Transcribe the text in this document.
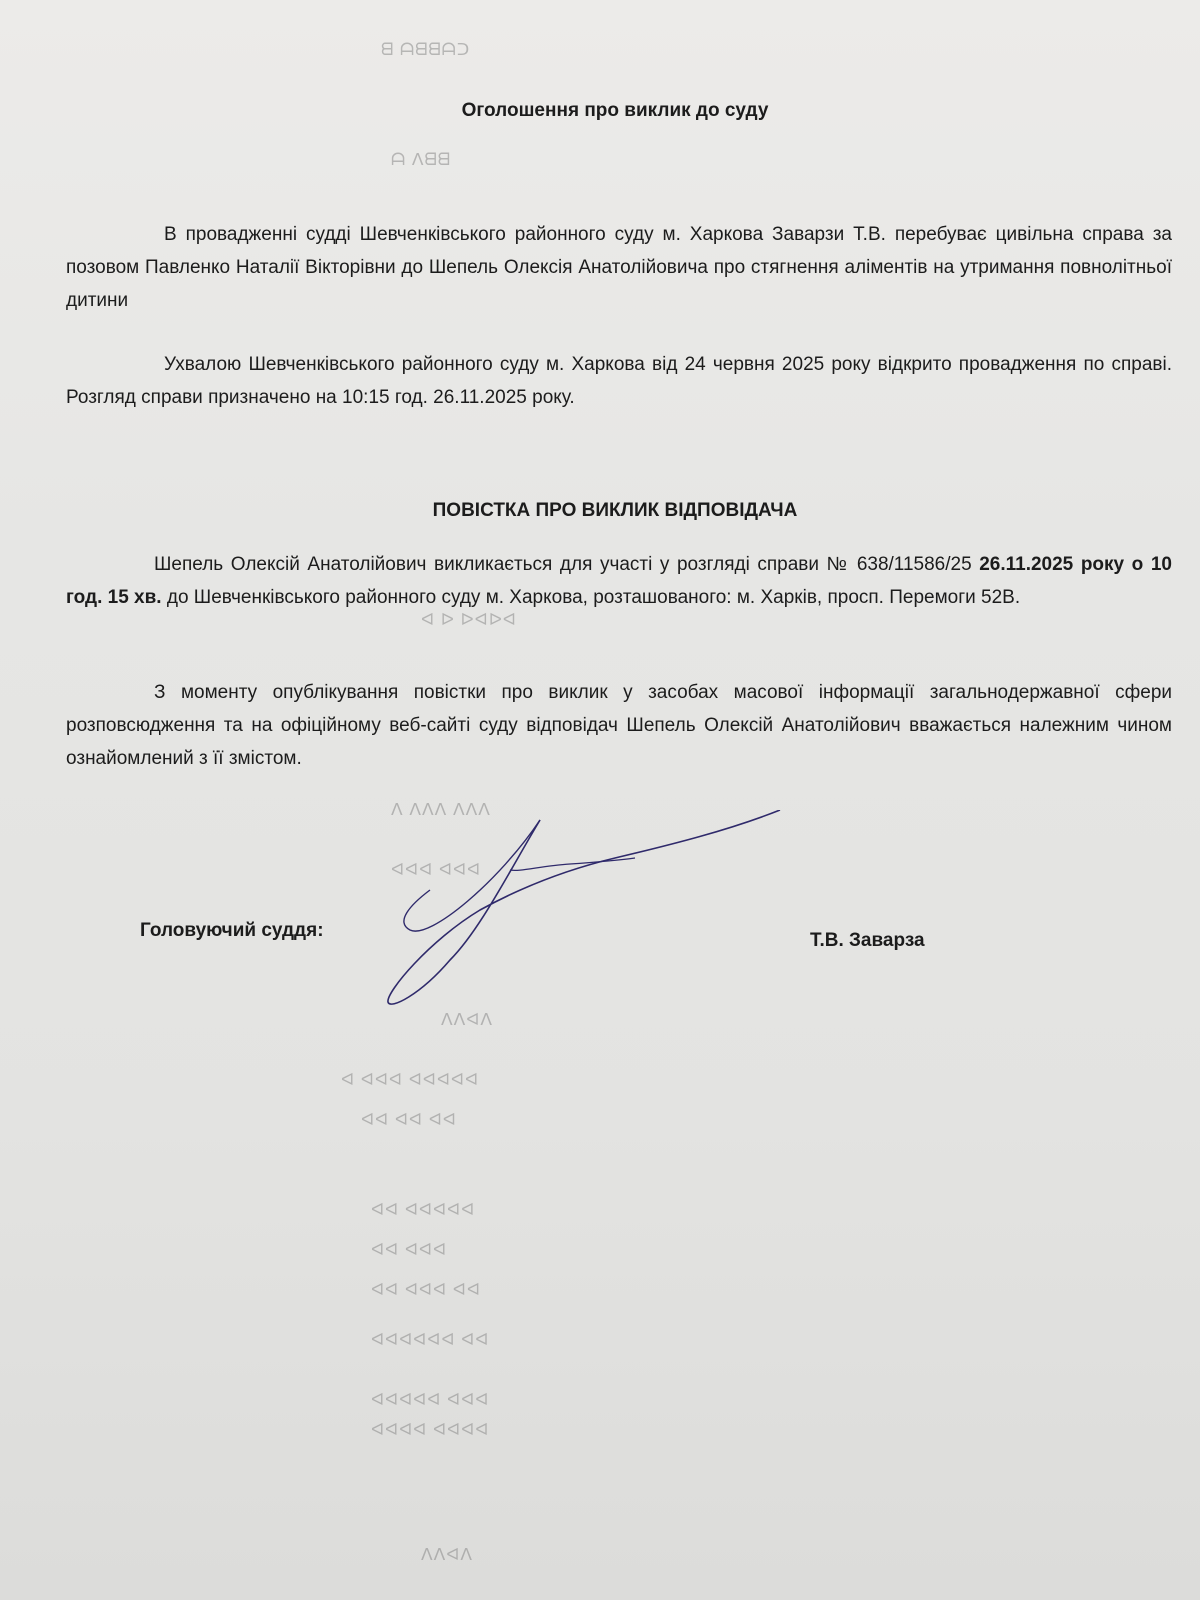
ᑕᗩᗷᗷᗩ ᗷ
ᗷᗷᐱ ᗩ
ᐅᐊᐅᐊ ᐊ ᐅ
ᐱᐱᐱ ᐱᐱᐱ ᐱ
ᐅᐅᐅ ᐅᐅᐅ
ᐱᐅᐱᐱ
ᐅᐅᐅᐅᐅ ᐅᐅᐅ ᐅ
ᐅᐅ ᐅᐅ ᐅᐅ
ᐅᐅᐅᐅᐅ ᐅᐅ
ᐅᐅᐅ ᐅᐅ
ᐅᐅ ᐅᐅᐅ ᐅᐅ
ᐅᐅ ᐅᐅᐅᐅᐅᐅ
ᐅᐅᐅ ᐅᐅᐅᐅᐅ
ᐅᐅᐅᐅ ᐅᐅᐅᐅ
ᐱᐅᐱᐱ
Оголошення про виклик до суду

В провадженні судді Шевченківського районного суду м. Харкова Заварзи Т.В. перебуває цивільна справа за позовом Павленко Наталії Вікторівни до Шепель Олексія Анатолійовича про стягнення аліментів на утримання повнолітньої дитини

Ухвалою Шевченківського районного суду м. Харкова від 24 червня 2025 року відкрито провадження по справі. Розгляд справи призначено на 10:15 год. 26.11.2025 року.

ПОВІСТКА ПРО ВИКЛИК ВІДПОВІДАЧА

Шепель Олексій Анатолійович викликається для участі у розгляді справи № 638/11586/25 26.11.2025 року о 10 год. 15 хв. до Шевченківського районного суду м. Харкова, розташованого: м. Харків, просп. Перемоги 52В.

З моменту опублікування повістки про виклик у засобах масової інформації загальнодержавної сфери розповсюдження та на офіційному веб-сайті суду відповідач Шепель Олексій Анатолійович вважається належним чином ознайомлений з її змістом.

Головуючий суддя:	Т.В. Заварза
